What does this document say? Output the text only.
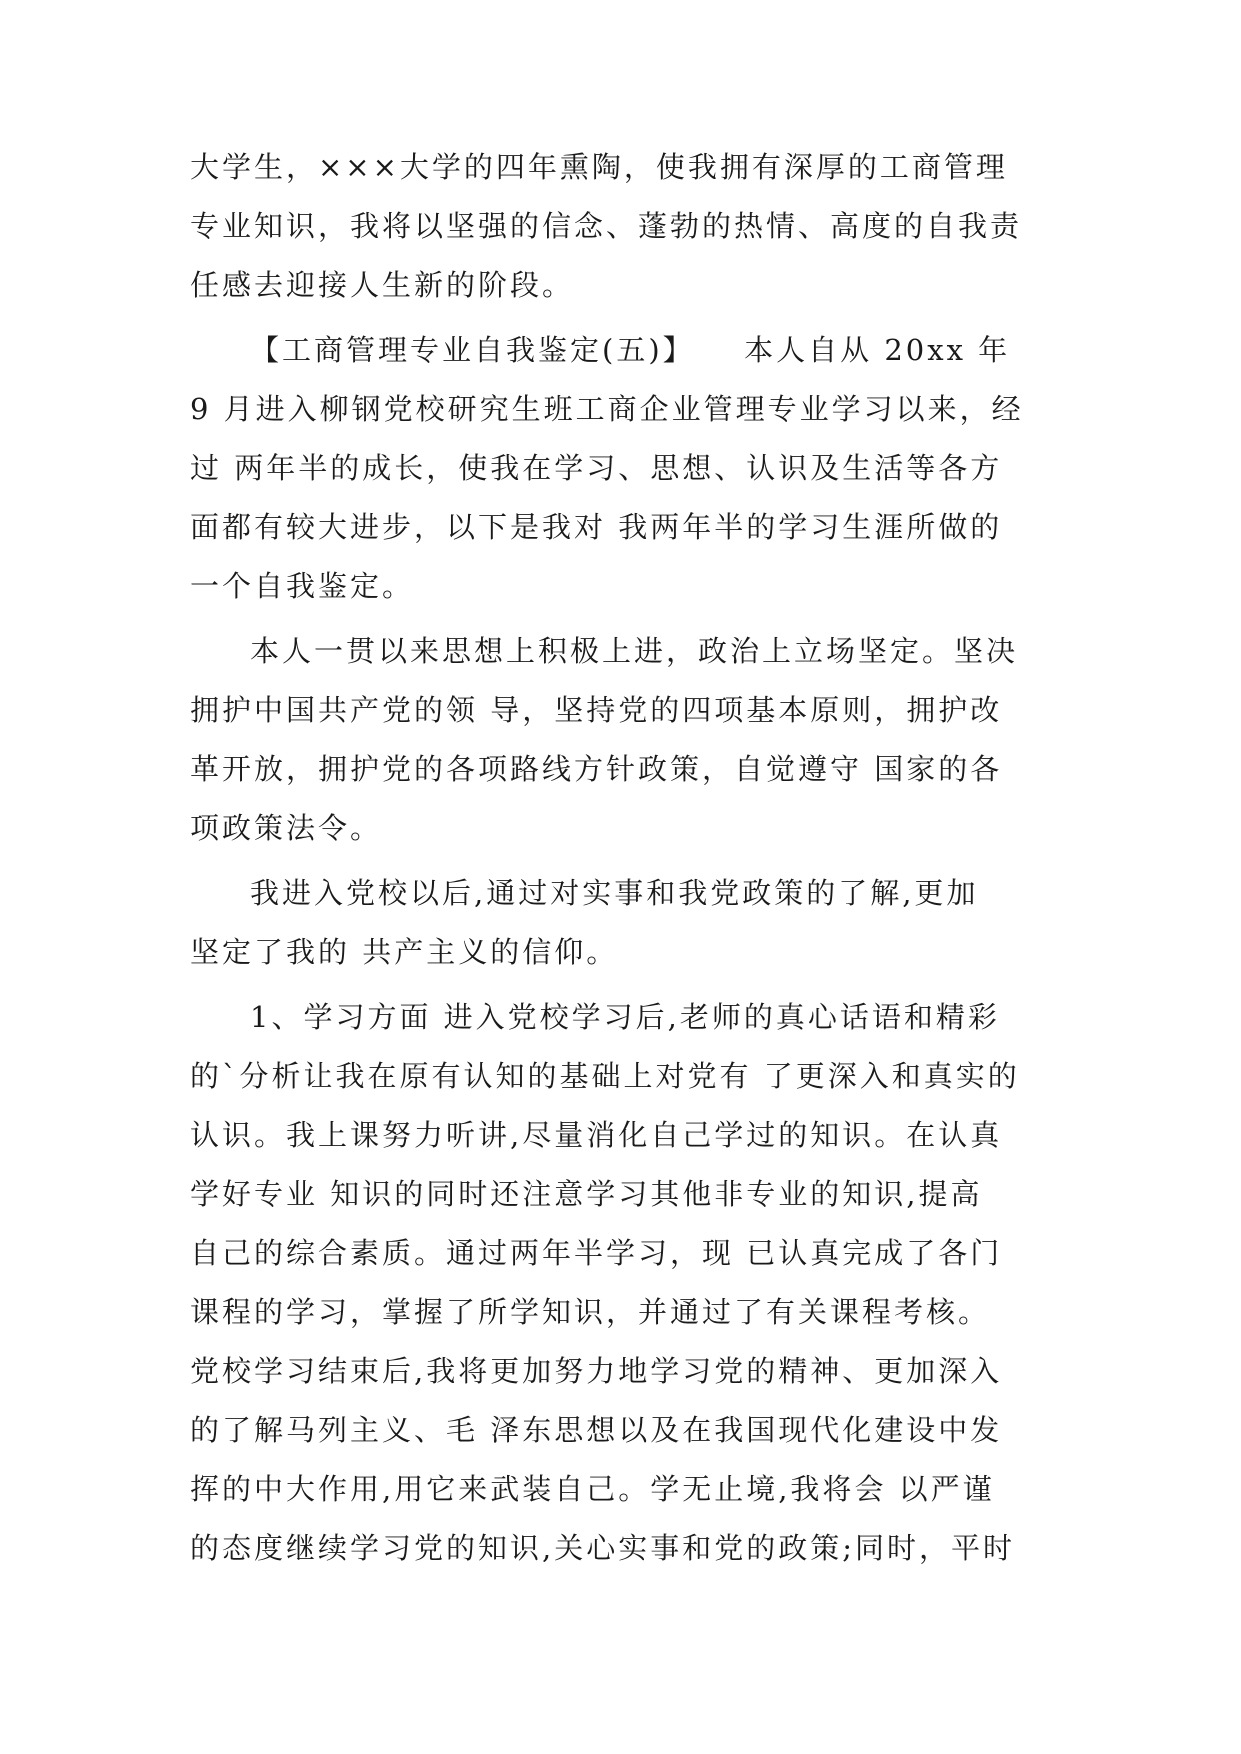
大学生，×××大学的四年熏陶，使我拥有深厚的工商管理
专业知识，我将以坚强的信念、蓬勃的热情、高度的自我责
任感去迎接人生新的阶段。
【工商管理专业自我鉴定(五)】　　本人自从 20xx 年
9 月进入柳钢党校研究生班工商企业管理专业学习以来，经
过 两年半的成长，使我在学习、思想、认识及生活等各方
面都有较大进步，以下是我对 我两年半的学习生涯所做的
一个自我鉴定。
本人一贯以来思想上积极上进，政治上立场坚定。坚决
拥护中国共产党的领 导，坚持党的四项基本原则，拥护改
革开放，拥护党的各项路线方针政策，自觉遵守 国家的各
项政策法令。
我进入党校以后,通过对实事和我党政策的了解,更加
坚定了我的 共产主义的信仰。
1、学习方面 进入党校学习后,老师的真心话语和精彩
的`分析让我在原有认知的基础上对党有 了更深入和真实的
认识。我上课努力听讲,尽量消化自己学过的知识。在认真
学好专业 知识的同时还注意学习其他非专业的知识,提高
自己的综合素质。通过两年半学习，现 已认真完成了各门
课程的学习，掌握了所学知识，并通过了有关课程考核。
党校学习结束后,我将更加努力地学习党的精神、更加深入
的了解马列主义、毛 泽东思想以及在我国现代化建设中发
挥的中大作用,用它来武装自己。学无止境,我将会 以严谨
的态度继续学习党的知识,关心实事和党的政策;同时，平时
